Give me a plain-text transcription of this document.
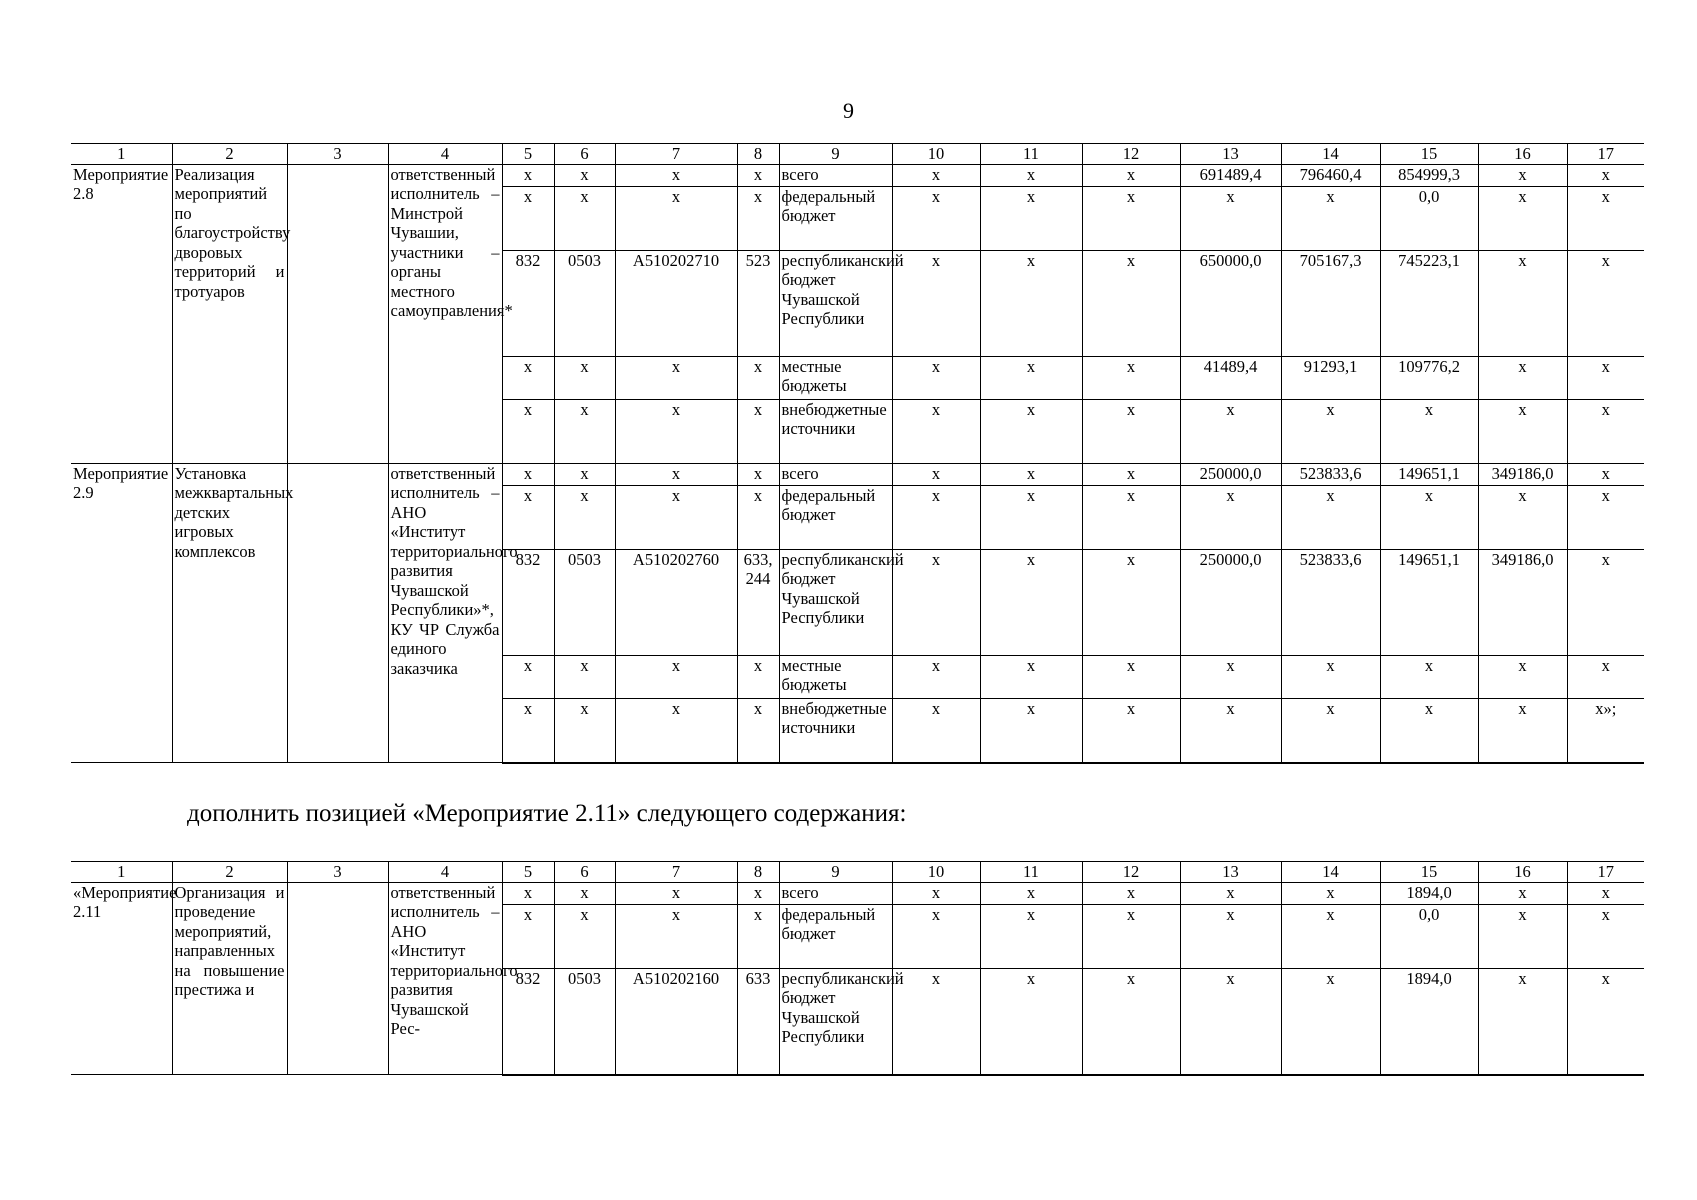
9
1	2	3	4	5	6	7	8	9	10	11	12	13	14	15	16	17
Мероприятие 2.8	Реализация мероприятий по благоустройству дворовых территорий и тротуаров		ответственный исполнитель – Минстрой Чувашии, участники – органы местного самоуправления*	х	х	х	х	всего	х	х	х	691489,4	796460,4	854999,3	х	х
				х	х	х	х	федеральный бюджет	х	х	х	х	х	0,0	х	х
				832	0503	А510202710	523	республиканский бюджет Чувашской Республики	х	х	х	650000,0	705167,3	745223,1	х	х
				х	х	х	х	местные бюджеты	х	х	х	41489,4	91293,1	109776,2	х	х
				х	х	х	х	внебюджетные источники	х	х	х	х	х	х	х	х
Мероприятие 2.9	Установка межквартальных детских игровых комплексов		ответственный исполнитель – АНО «Институт территориального развития Чувашской Республики»*, КУ ЧР Служба единого заказчика	х	х	х	х	всего	х	х	х	250000,0	523833,6	149651,1	349186,0	х
				х	х	х	х	федеральный бюджет	х	х	х	х	х	х	х	х
				832	0503	А510202760	633, 244	республиканский бюджет Чувашской Республики	х	х	х	250000,0	523833,6	149651,1	349186,0	х
				х	х	х	х	местные бюджеты	х	х	х	х	х	х	х	х
				х	х	х	х	внебюджетные источники	х	х	х	х	х	х	х	х»;
дополнить позицией «Мероприятие 2.11» следующего содержания:
1	2	3	4	5	6	7	8	9	10	11	12	13	14	15	16	17
«Мероприятие 2.11	Организация и проведение мероприятий, направленных на повышение престижа и		ответственный исполнитель – АНО «Институт территориального развития Чувашской Рес-	х	х	х	х	всего	х	х	х	х	х	1894,0	х	х
				х	х	х	х	федеральный бюджет	х	х	х	х	х	0,0	х	х
				832	0503	А510202160	633	республиканский бюджет Чувашской Республики	х	х	х	х	х	1894,0	х	х
